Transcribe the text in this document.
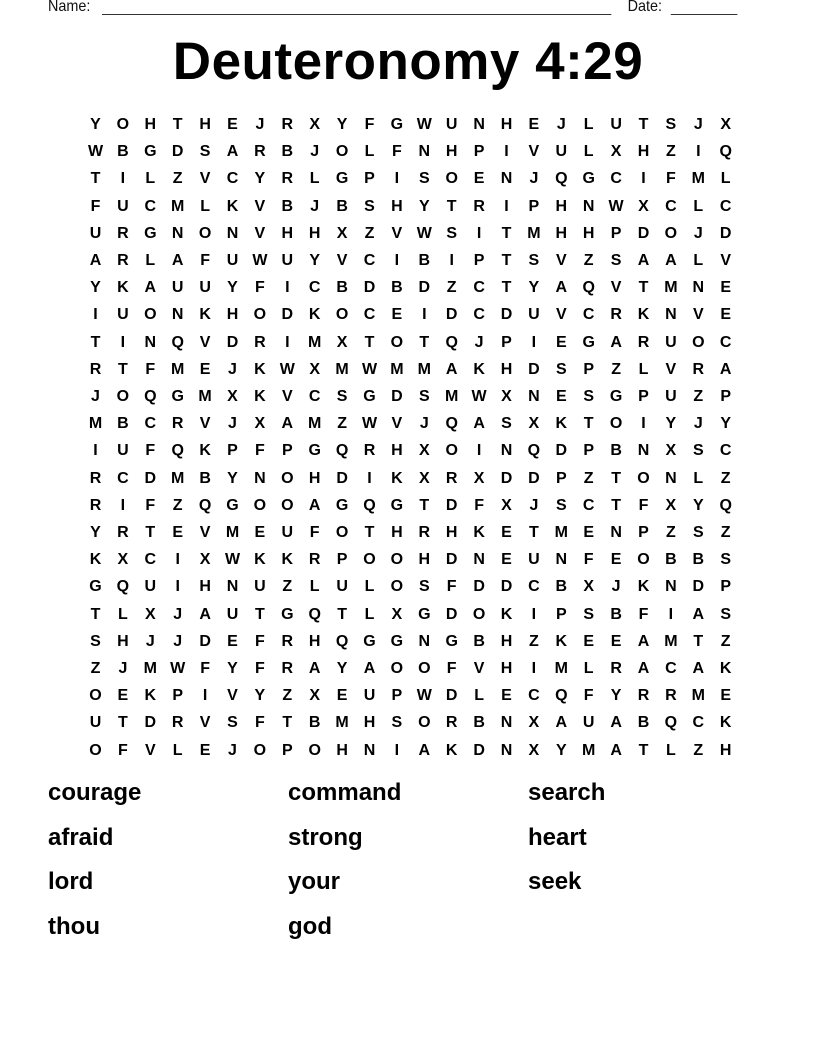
Name:	Date:
Deuteronomy 4:29
Y O H	T	H	E	J	R	X	Y	F	G W U N H	E	J	L	U	T	S	J	X
W B G D	S	A R B	J	O	L	F	N H	P	I	V	U	L	X	H	Z	I	Q
T	I	L	Z	V	C	Y	R	L	G P	I	S O E	N	J	Q G C	I	F M L
F	U C M L	K	V	B	J	B	S	H	Y	T	R	I	P	H N W X	C	L	C
U R G N O N	V	H H	X	Z	V W S	I	T M H H	P	D O	J	D
A R	L	A	F	U W U	Y	V	C	I	B	I	P	T	S	V	Z	S	A A	L	V
Y	K A U U	Y	F	I	C B D B D	Z	C	T	Y	A Q V	T M N	E
I	U O N K H O D K O C	E	I	D C D U	V	C R K N	V	E
T	I	N Q V	D R	I	M X	T	O	T	Q	J	P	I	E G A R U O C
R	T	F M E	J	K W X M W M M A K H D	S	P	Z	L	V	R A
J	O Q G M X	K	V	C	S G D	S M W X	N	E	S G P	U	Z	P
M B C R	V	J	X	A M Z W V	J	Q A	S	X	K	T	O	I	Y	J	Y
I	U	F	Q K	P	F	P G Q R H	X O	I	N Q D	P	B N	X	S	C
R C D M B	Y	N O H D	I	K	X	R	X	D D	P	Z	T	O N	L	Z
R	I	F	Z	Q G O O A G Q G	T	D	F	X	J	S	C	T	F	X	Y Q
Y	R	T	E	V M E	U	F	O	T	H R H K	E	T M E	N	P	Z	S	Z
K	X	C	I	X W K K R	P O O H D N	E	U N	F	E O B B	S
G Q U	I	H N U	Z	L	U	L	O S	F	D D C B	X	J	K N D	P
T	L	X	J	A U	T	G Q	T	L	X G D O K	I	P	S	B	F	I	A	S
S	H	J	J	D	E	F	R H Q G G N G B H	Z	K	E	E	A M T	Z
Z	J	M W F	Y	F	R A	Y	A O O	F	V	H	I	M L	R A C A K
O E	K	P	I	V	Y	Z	X	E	U	P W D	L	E	C Q	F	Y	R R M E
U	T	D R	V	S	F	T	B M H	S O R B N	X	A U A B Q C K
O	F	V	L	E	J	O P O H N	I	A K D N	X	Y M A	T	L	Z	H
courage	command	search
afraid	strong	heart
lord	your	seek
thou	god
